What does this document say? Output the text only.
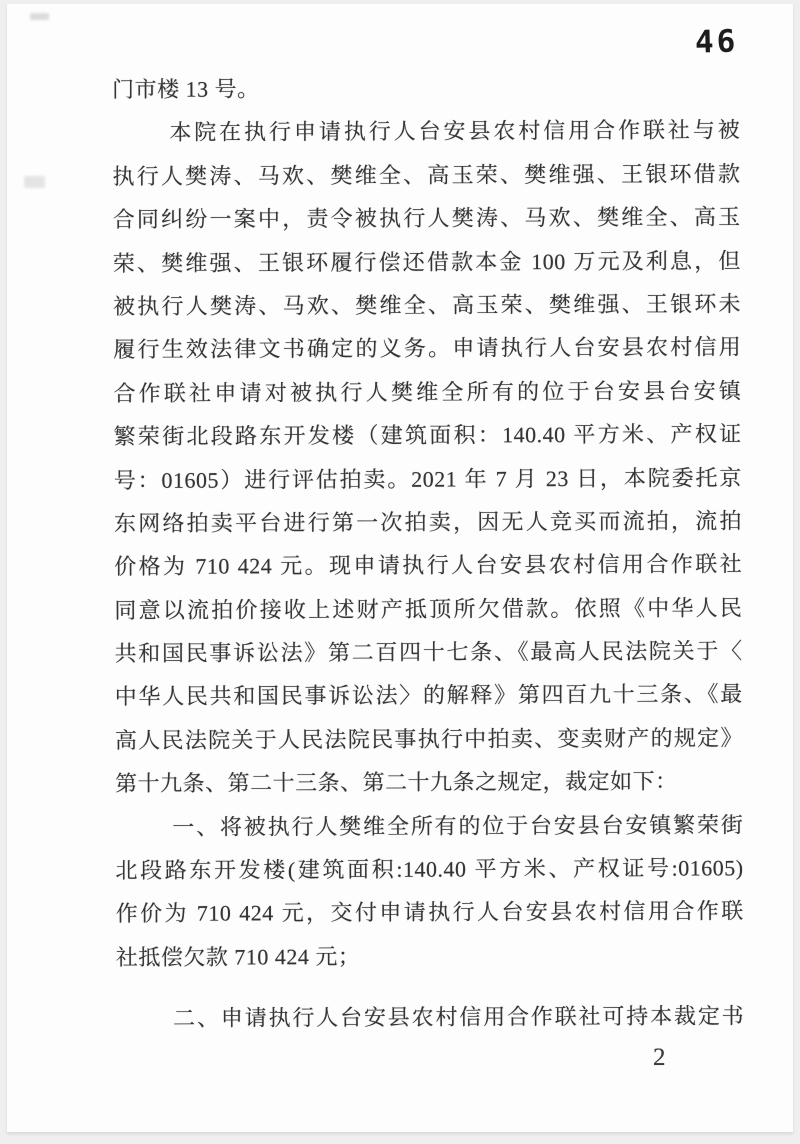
46
门市楼 13 号。
本院在执行申请执行人台安县农村信用合作联社与被
执行人樊涛、马欢、樊维全、高玉荣、樊维强、王银环借款
合同纠纷一案中，责令被执行人樊涛、马欢、樊维全、高玉
荣、樊维强、王银环履行偿还借款本金 100 万元及利息，但
被执行人樊涛、马欢、樊维全、高玉荣、樊维强、王银环未
履行生效法律文书确定的义务。申请执行人台安县农村信用
合作联社申请对被执行人樊维全所有的位于台安县台安镇
繁荣街北段路东开发楼（建筑面积：140.40 平方米、产权证
号：01605）进行评估拍卖。2021 年 7 月 23 日，本院委托京
东网络拍卖平台进行第一次拍卖，因无人竞买而流拍，流拍
价格为 710 424 元。现申请执行人台安县农村信用合作联社
同意以流拍价接收上述财产抵顶所欠借款。依照《中华人民
共和国民事诉讼法》第二百四十七条、《最高人民法院关于〈
中华人民共和国民事诉讼法〉的解释》第四百九十三条、《最
高人民法院关于人民法院民事执行中拍卖、变卖财产的规定》
第十九条、第二十三条、第二十九条之规定，裁定如下：
一、将被执行人樊维全所有的位于台安县台安镇繁荣街
北段路东开发楼(建筑面积:140.40 平方米、产权证号:01605)
作价为 710 424 元，交付申请执行人台安县农村信用合作联
社抵偿欠款 710 424 元；
二、申请执行人台安县农村信用合作联社可持本裁定书
2
